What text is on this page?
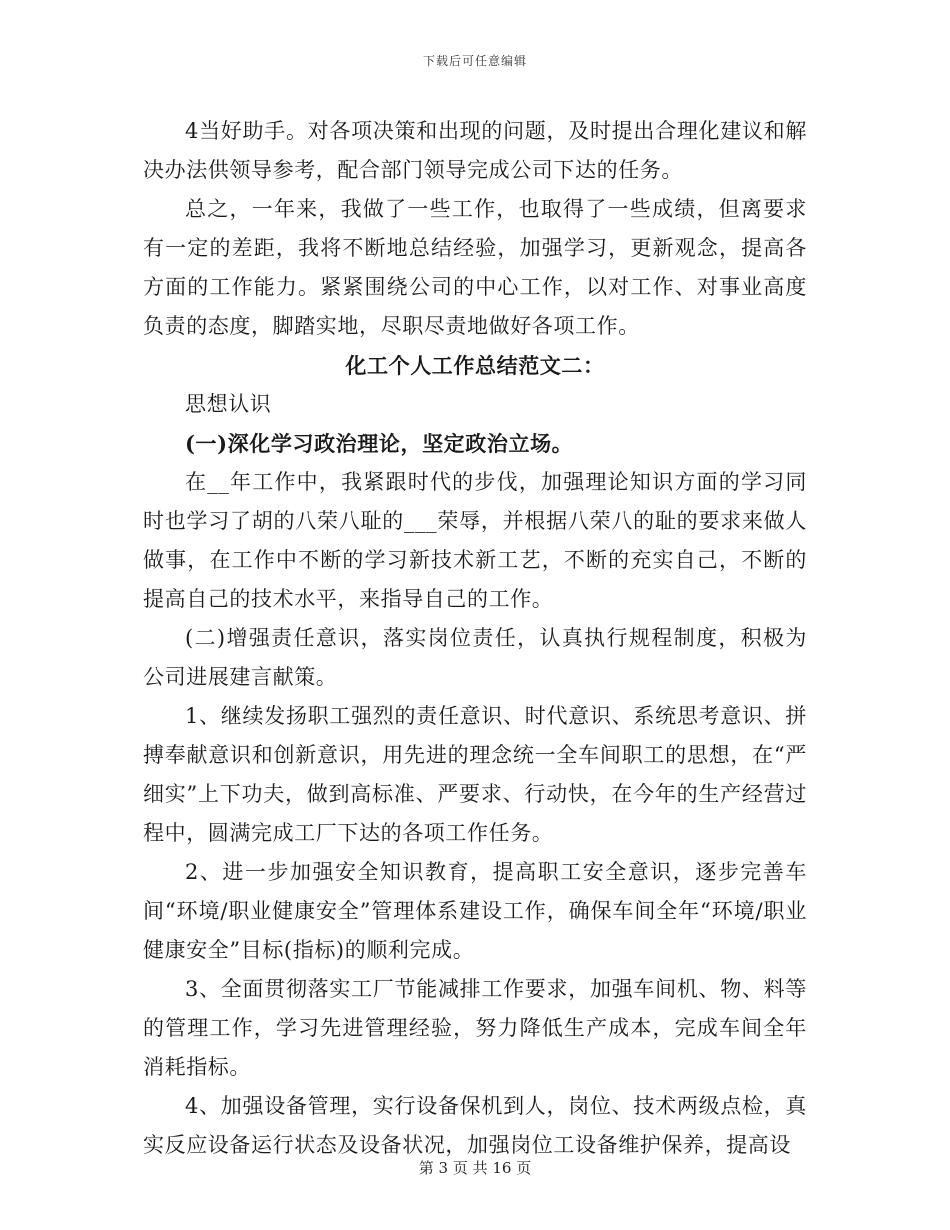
下载后可任意编辑

4当好助手。对各项决策和出现的问题，及时提出合理化建议和解决办法供领导参考，配合部门领导完成公司下达的任务。

总之，一年来，我做了一些工作，也取得了一些成绩，但离要求有一定的差距，我将不断地总结经验，加强学习，更新观念，提高各方面的工作能力。紧紧围绕公司的中心工作，以对工作、对事业高度负责的态度，脚踏实地，尽职尽责地做好各项工作。

化工个人工作总结范文二：

思想认识

(一)深化学习政治理论，坚定政治立场。

在__年工作中，我紧跟时代的步伐，加强理论知识方面的学习同时也学习了胡的八荣八耻的___荣辱，并根据八荣八的耻的要求来做人做事，在工作中不断的学习新技术新工艺，不断的充实自己，不断的提高自己的技术水平，来指导自己的工作。

(二)增强责任意识，落实岗位责任，认真执行规程制度，积极为公司进展建言献策。

1、继续发扬职工强烈的责任意识、时代意识、系统思考意识、拼搏奉献意识和创新意识，用先进的理念统一全车间职工的思想，在“严细实”上下功夫，做到高标准、严要求、行动快，在今年的生产经营过程中，圆满完成工厂下达的各项工作任务。

2、进一步加强安全知识教育，提高职工安全意识，逐步完善车间“环境/职业健康安全”管理体系建设工作，确保车间全年“环境/职业健康安全”目标(指标)的顺利完成。

3、全面贯彻落实工厂节能减排工作要求，加强车间机、物、料等的管理工作，学习先进管理经验，努力降低生产成本，完成车间全年消耗指标。

4、加强设备管理，实行设备保机到人，岗位、技术两级点检，真实反应设备运行状态及设备状况，加强岗位工设备维护保养，提高设

第 3 页 共 16 页
